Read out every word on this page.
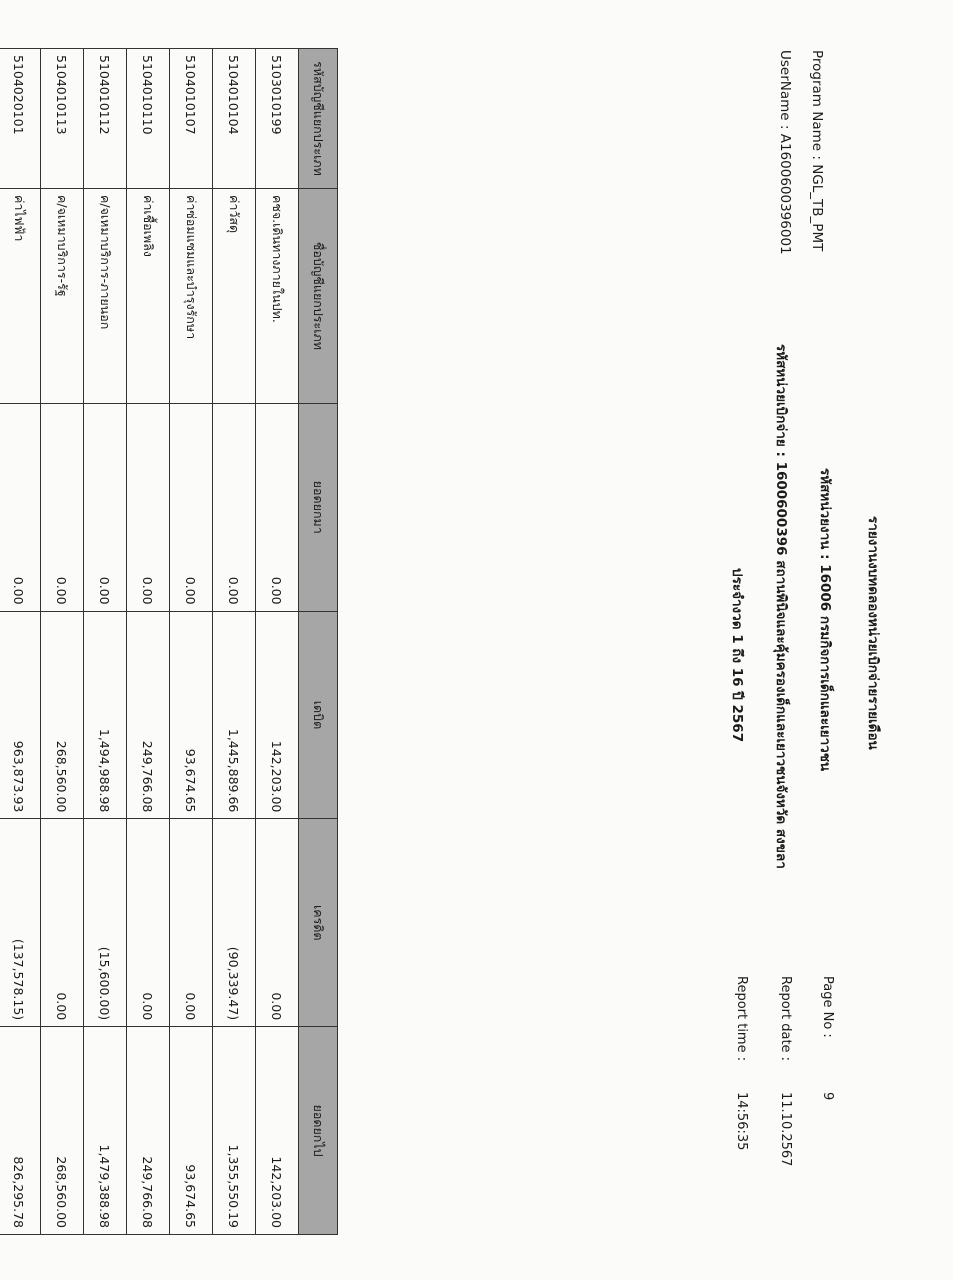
Program Name : NGL_TB_PMT
UserName : A1600600396001
รายงานงบทดลองหน่วยเบิกจ่ายรายเดือน
รหัสหน่วยงาน : 16006 กรมกิจการเด็กและเยาวชน
รหัสหน่วยเบิกจ่าย : 1600600396 สถานพินิจและคุ้มครองเด็กและเยาวชนจังหวัด สงขลา
ประจำงวด 1 ถึง 16 ปี 2567
Page No :
9
Report date :
11.10.2567
Report time :
14:56:35
รหัสบัญชีแยกประเภท	ชื่อบัญชีแยกประเภท	ยอดยกมา	เดบิต	เครดิต	ยอดยกไป
5103010199	คชจ.เดินทางภายในปท.	0.00	142,203.00	0.00	142,203.00
5104010104	ค่าวัสดุ	0.00	1,445,889.66	(90,339.47)	1,355,550.19
5104010107	ค่าซ่อมแซมและบำรุงรักษา	0.00	93,674.65	0.00	93,674.65
5104010110	ค่าเชื้อเพลิง	0.00	249,766.08	0.00	249,766.08
5104010112	ค/จเหมาบริการ-ภายนอก	0.00	1,494,988.98	(15,600.00)	1,479,388.98
5104010113	ค/จเหมาบริการ-รัฐ	0.00	268,560.00	0.00	268,560.00
5104020101	ค่าไฟฟ้า	0.00	963,873.93	(137,578.15)	826,295.78
